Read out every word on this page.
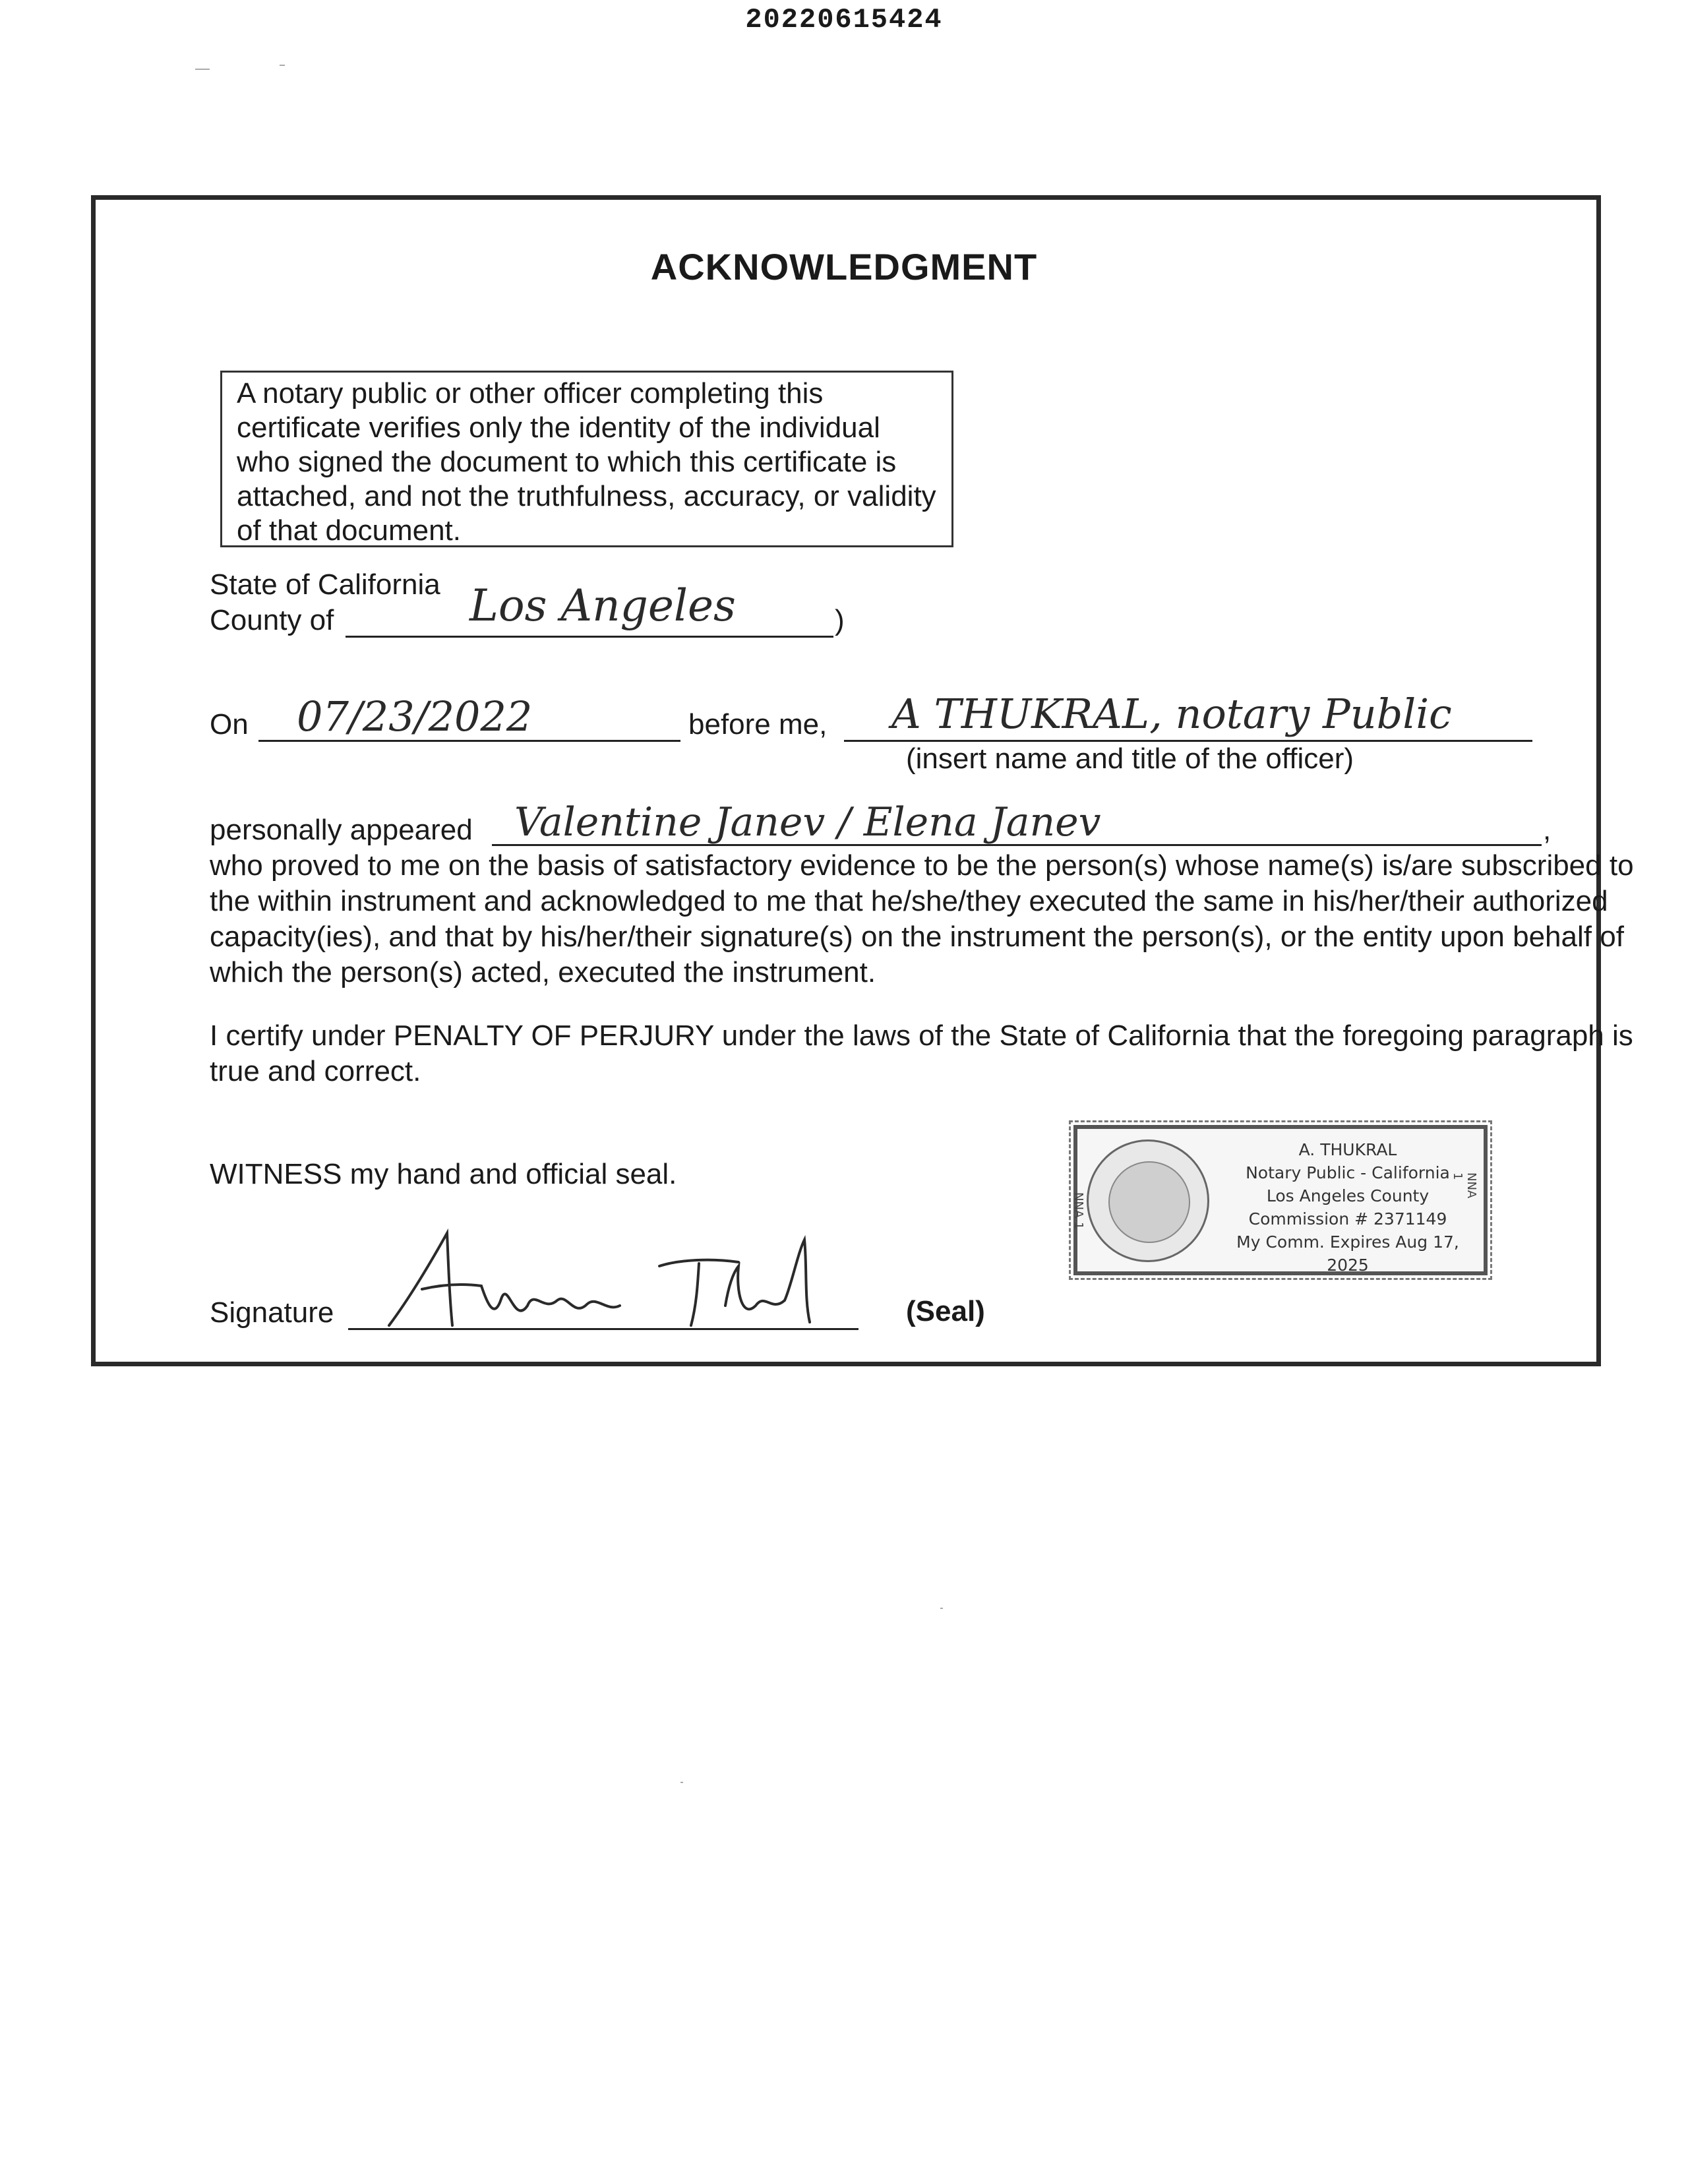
20220615424
ACKNOWLEDGMENT
A notary public or other officer completing this certificate verifies only the identity of the individual who signed the document to which this certificate is attached, and not the truthfulness, accuracy, or validity of that document.
State of California
County of	Los Angeles	)
On 07/23/2022	before me, A THUKRAL, notary Public
(insert name and title of the officer)
personally appeared Valentine Janev / Elena Janev	,
who proved to me on the basis of satisfactory evidence to be the person(s) whose name(s) is/are subscribed to the within instrument and acknowledged to me that he/she/they executed the same in his/her/their authorized capacity(ies), and that by his/her/their signature(s) on the instrument the person(s), or the entity upon behalf of which the person(s) acted, executed the instrument.
I certify under PENALTY OF PERJURY under the laws of the State of California that the foregoing paragraph is true and correct.
WITNESS my hand and official seal.
Signature	(Seal)
NNA 1
NNA 1
A. THUKRAL
Notary Public - California
Los Angeles County
Commission # 2371149
My Comm. Expires Aug 17, 2025
